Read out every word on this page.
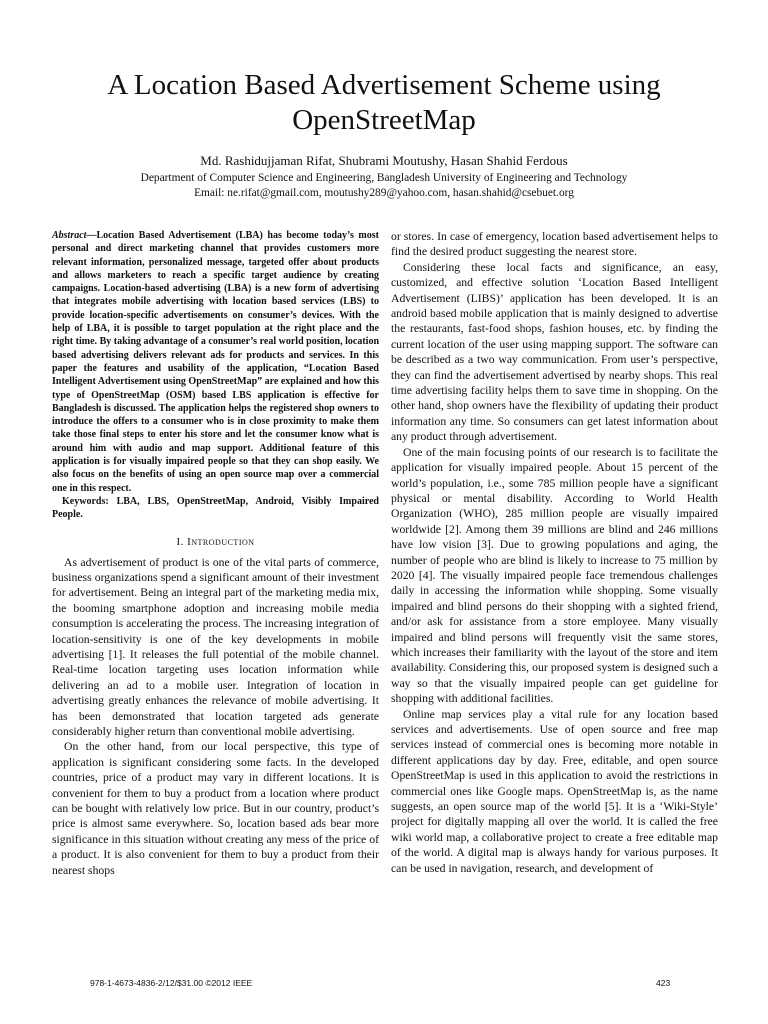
A Location Based Advertisement Scheme using
OpenStreetMap
Md. Rashidujjaman Rifat, Shubrami Moutushy, Hasan Shahid Ferdous
Department of Computer Science and Engineering, Bangladesh University of Engineering and Technology
Email: ne.rifat@gmail.com, moutushy289@yahoo.com, hasan.shahid@csebuet.org

Abstract—Location Based Advertisement (LBA) has become today’s most personal and direct marketing channel that provides customers more relevant information, personalized message, targeted offer about products and allows marketers to reach a specific target audience by creating campaigns. Location-based advertising (LBA) is a new form of advertising that integrates mobile advertising with location based services (LBS) to provide location-specific advertisements on consumer’s devices. With the help of LBA, it is possible to target population at the right place and the right time. By taking advantage of a consumer’s real world position, location based advertising delivers relevant ads for products and services. In this paper the features and usability of the application, “Location Based Intelligent Advertisement using OpenStreetMap” are explained and how this type of OpenStreetMap (OSM) based LBS application is effective for Bangladesh is discussed. The application helps the registered shop owners to introduce the offers to a consumer who is in close proximity to make them take those final steps to enter his store and let the consumer know what is around him with audio and map support. Additional feature of this application is for visually impaired people so that they can shop easily. We also focus on the benefits of using an open source map over a commercial one in this respect.

Keywords: LBA, LBS, OpenStreetMap, Android, Visibly Impaired People.

I. Introduction

As advertisement of product is one of the vital parts of commerce, business organizations spend a significant amount of their investment for advertisement. Being an integral part of the marketing media mix, the booming smartphone adoption and increasing mobile media consumption is accelerating the process. The increasing integration of location-sensitivity is one of the key developments in mobile advertising [1]. It releases the full potential of the mobile channel. Real-time location targeting uses location information while delivering an ad to a mobile user. Integration of location in advertising greatly enhances the relevance of mobile advertising. It has been demonstrated that location targeted ads generate considerably higher return than conventional mobile advertising.

On the other hand, from our local perspective, this type of application is significant considering some facts. In the developed countries, price of a product may vary in different locations. It is convenient for them to buy a product from a location where product can be bought with relatively low price. But in our country, product’s price is almost same everywhere. So, location based ads bear more significance in this situation without creating any mess of the price of a product. It is also convenient for them to buy a product from their nearest shops

or stores. In case of emergency, location based advertisement helps to find the desired product suggesting the nearest store.

Considering these local facts and significance, an easy, customized, and effective solution ‘Location Based Intelligent Advertisement (LIBS)’ application has been developed. It is an android based mobile application that is mainly designed to advertise the restaurants, fast-food shops, fashion houses, etc. by finding the current location of the user using mapping support. The software can be described as a two way communication. From user’s perspective, they can find the advertisement advertised by nearby shops. This real time advertising facility helps them to save time in shopping. On the other hand, shop owners have the flexibility of updating their product information any time. So consumers can get latest information about any product through advertisement.

One of the main focusing points of our research is to facilitate the application for visually impaired people. About 15 percent of the world’s population, i.e., some 785 million people have a significant physical or mental disability. According to World Health Organization (WHO), 285 million people are visually impaired worldwide [2]. Among them 39 millions are blind and 246 millions have low vision [3]. Due to growing populations and aging, the number of people who are blind is likely to increase to 75 million by 2020 [4]. The visually impaired people face tremendous challenges daily in accessing the information while shopping. Some visually impaired and blind persons do their shopping with a sighted friend, and/or ask for assistance from a store employee. Many visually impaired and blind persons will frequently visit the same stores, which increases their familiarity with the layout of the store and item availability. Considering this, our proposed system is designed such a way so that the visually impaired people can get guideline for shopping with additional facilities.

Online map services play a vital rule for any location based services and advertisements. Use of open source and free map services instead of commercial ones is becoming more notable in different applications day by day. Free, editable, and open source OpenStreetMap is used in this application to avoid the restrictions in commercial ones like Google maps. OpenStreetMap is, as the name suggests, an open source map of the world [5]. It is a ‘Wiki-Style’ project for digitally mapping all over the world. It is called the free wiki world map, a collaborative project to create a free editable map of the world. A digital map is always handy for various purposes. It can be used in navigation, research, and development of

978-1-4673-4836-2/12/$31.00 ©2012 IEEE	423
